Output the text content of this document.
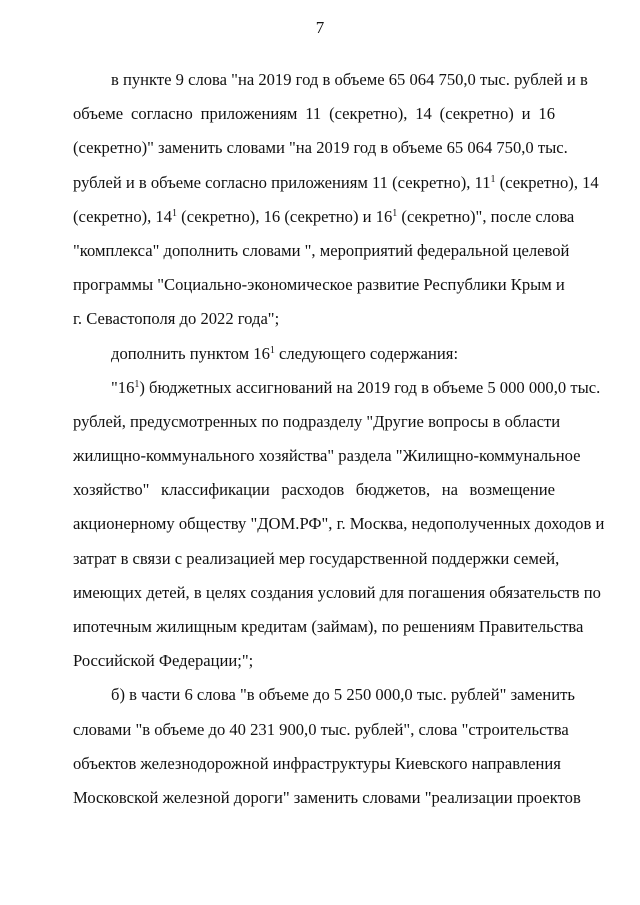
7
в пункте 9 слова "на 2019 год в объеме 65 064 750,0 тыс. рублей и в
объеме согласно приложениям 11 (секретно), 14 (секретно) и 16
(секретно)" заменить словами "на 2019 год в объеме 65 064 750,0 тыс.
рублей и в объеме согласно приложениям 11 (секретно), $11^1$ (секретно), 14
(секретно), $14^1$ (секретно), 16 (секретно) и $16^1$ (секретно)", после слова
"комплекса" дополнить словами ", мероприятий федеральной целевой
программы "Социально-экономическое развитие Республики Крым и
г. Севастополя до 2022 года";
дополнить пунктом $16^1$ следующего содержания:
"$16^1$) бюджетных ассигнований на 2019 год в объеме 5 000 000,0 тыс.
рублей, предусмотренных по подразделу "Другие вопросы в области
жилищно-коммунального хозяйства" раздела "Жилищно-коммунальное
хозяйство" классификации расходов бюджетов, на возмещение
акционерному обществу "ДОМ.РФ", г. Москва, недополученных доходов и
затрат в связи с реализацией мер государственной поддержки семей,
имеющих детей, в целях создания условий для погашения обязательств по
ипотечным жилищным кредитам (займам), по решениям Правительства
Российской Федерации;";
б) в части 6 слова "в объеме до 5 250 000,0 тыс. рублей" заменить
словами "в объеме до 40 231 900,0 тыс. рублей", слова "строительства
объектов железнодорожной инфраструктуры Киевского направления
Московской железной дороги" заменить словами "реализации проектов
